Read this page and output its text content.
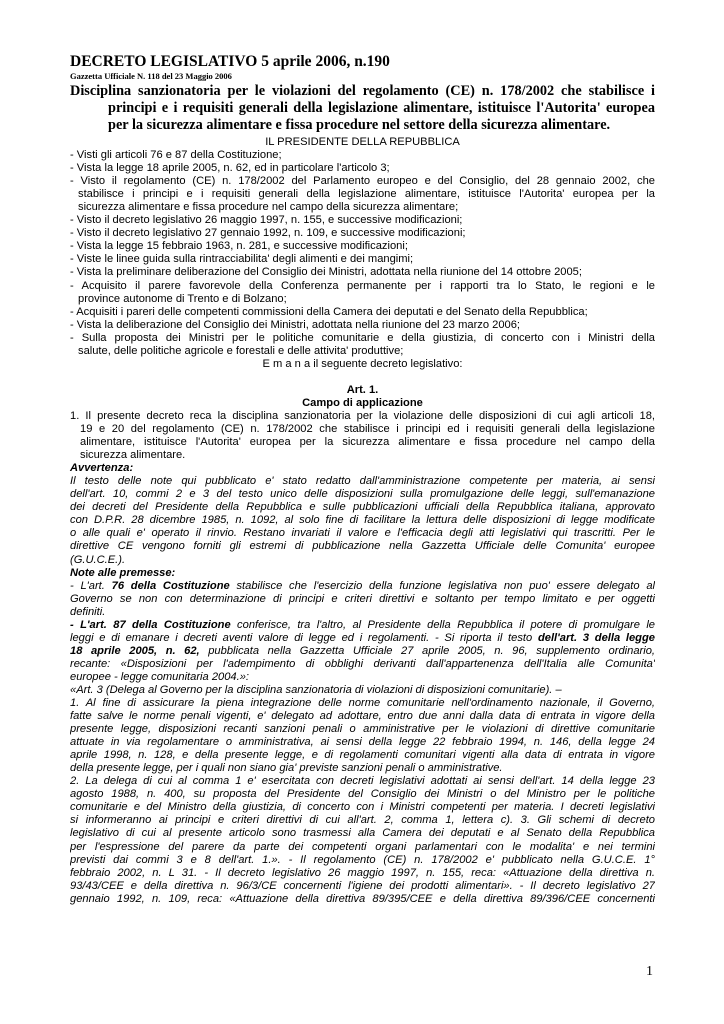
DECRETO LEGISLATIVO 5 aprile 2006, n.190
Gazzetta Ufficiale N. 118 del 23 Maggio 2006
Disciplina sanzionatoria per le violazioni del regolamento (CE) n. 178/2002 che stabilisce i
principi e i requisiti generali della legislazione alimentare, istituisce l'Autorita' europea
per la sicurezza alimentare e fissa procedure nel settore della sicurezza alimentare.
IL PRESIDENTE DELLA REPUBBLICA
- Visti gli articoli 76 e 87 della Costituzione;
- Vista la legge 18 aprile 2005, n. 62, ed in particolare l'articolo 3;
- Visto il regolamento (CE) n. 178/2002 del Parlamento europeo e del Consiglio, del 28 gennaio 2002, che
stabilisce i principi e i requisiti generali della legislazione alimentare, istituisce l'Autorita' europea per la
sicurezza alimentare e fissa procedure nel campo della sicurezza alimentare;
- Visto il decreto legislativo 26 maggio 1997, n. 155, e successive modificazioni;
- Visto il decreto legislativo 27 gennaio 1992, n. 109, e successive modificazioni;
- Vista la legge 15 febbraio 1963, n. 281, e successive modificazioni;
- Viste le linee guida sulla rintracciabilita' degli alimenti e dei mangimi;
- Vista la preliminare deliberazione del Consiglio dei Ministri, adottata nella riunione del 14 ottobre 2005;
- Acquisito il parere favorevole della Conferenza permanente per i rapporti tra lo Stato, le regioni e le
province autonome di Trento e di Bolzano;
- Acquisiti i pareri delle competenti commissioni della Camera dei deputati e del Senato della Repubblica;
- Vista la deliberazione del Consiglio dei Ministri, adottata nella riunione del 23 marzo 2006;
- Sulla proposta dei Ministri per le politiche comunitarie e della giustizia, di concerto con i Ministri della
salute, delle politiche agricole e forestali e delle attivita' produttive;
E m a n a il seguente decreto legislativo:
Art. 1.
Campo di applicazione
1. Il presente decreto reca la disciplina sanzionatoria per la violazione delle disposizioni di cui agli articoli 18,
19 e 20 del regolamento (CE) n. 178/2002 che stabilisce i principi ed i requisiti generali della legislazione
alimentare, istituisce l'Autorita' europea per la sicurezza alimentare e fissa procedure nel campo della
sicurezza alimentare.
Avvertenza:
Il testo delle note qui pubblicato e' stato redatto dall'amministrazione competente per materia, ai sensi
dell'art. 10, commi 2 e 3 del testo unico delle disposizioni sulla promulgazione delle leggi, sull'emanazione
dei decreti del Presidente della Repubblica e sulle pubblicazioni ufficiali della Repubblica italiana, approvato
con D.P.R. 28 dicembre 1985, n. 1092, al solo fine di facilitare la lettura delle disposizioni di legge modificate
o alle quali e' operato il rinvio. Restano invariati il valore e l'efficacia degli atti legislativi qui trascritti. Per le
direttive CE vengono forniti gli estremi di pubblicazione nella Gazzetta Ufficiale delle Comunita' europee
(G.U.C.E.).
Note alle premesse:
- L'art. 76 della Costituzione stabilisce che l'esercizio della funzione legislativa non puo' essere delegato al
Governo se non con determinazione di principi e criteri direttivi e soltanto per tempo limitato e per oggetti
definiti.
- L'art. 87 della Costituzione conferisce, tra l'altro, al Presidente della Repubblica il potere di promulgare le
leggi e di emanare i decreti aventi valore di legge ed i regolamenti. - Si riporta il testo dell'art. 3 della legge
18 aprile 2005, n. 62, pubblicata nella Gazzetta Ufficiale 27 aprile 2005, n. 96, supplemento ordinario,
recante: «Disposizioni per l'adempimento di obblighi derivanti dall'appartenenza dell'Italia alle Comunita'
europee - legge comunitaria 2004.»:
«Art. 3 (Delega al Governo per la disciplina sanzionatoria di violazioni di disposizioni comunitarie). –
1. Al fine di assicurare la piena integrazione delle norme comunitarie nell'ordinamento nazionale, il Governo,
fatte salve le norme penali vigenti, e' delegato ad adottare, entro due anni dalla data di entrata in vigore della
presente legge, disposizioni recanti sanzioni penali o amministrative per le violazioni di direttive comunitarie
attuate in via regolamentare o amministrativa, ai sensi della legge 22 febbraio 1994, n. 146, della legge 24
aprile 1998, n. 128, e della presente legge, e di regolamenti comunitari vigenti alla data di entrata in vigore
della presente legge, per i quali non siano gia' previste sanzioni penali o amministrative.
2. La delega di cui al comma 1 e' esercitata con decreti legislativi adottati ai sensi dell'art. 14 della legge 23
agosto 1988, n. 400, su proposta del Presidente del Consiglio dei Ministri o del Ministro per le politiche
comunitarie e del Ministro della giustizia, di concerto con i Ministri competenti per materia. I decreti legislativi
si informeranno ai principi e criteri direttivi di cui all'art. 2, comma 1, lettera c). 3. Gli schemi di decreto
legislativo di cui al presente articolo sono trasmessi alla Camera dei deputati e al Senato della Repubblica
per l'espressione del parere da parte dei competenti organi parlamentari con le modalita' e nei termini
previsti dai commi 3 e 8 dell'art. 1.». - Il regolamento (CE) n. 178/2002 e' pubblicato nella G.U.C.E. 1°
febbraio 2002, n. L 31. - Il decreto legislativo 26 maggio 1997, n. 155, reca: «Attuazione della direttiva n.
93/43/CEE e della direttiva n. 96/3/CE concernenti l'igiene dei prodotti alimentari». - Il decreto legislativo 27
gennaio 1992, n. 109, reca: «Attuazione della direttiva 89/395/CEE e della direttiva 89/396/CEE concernenti
1
